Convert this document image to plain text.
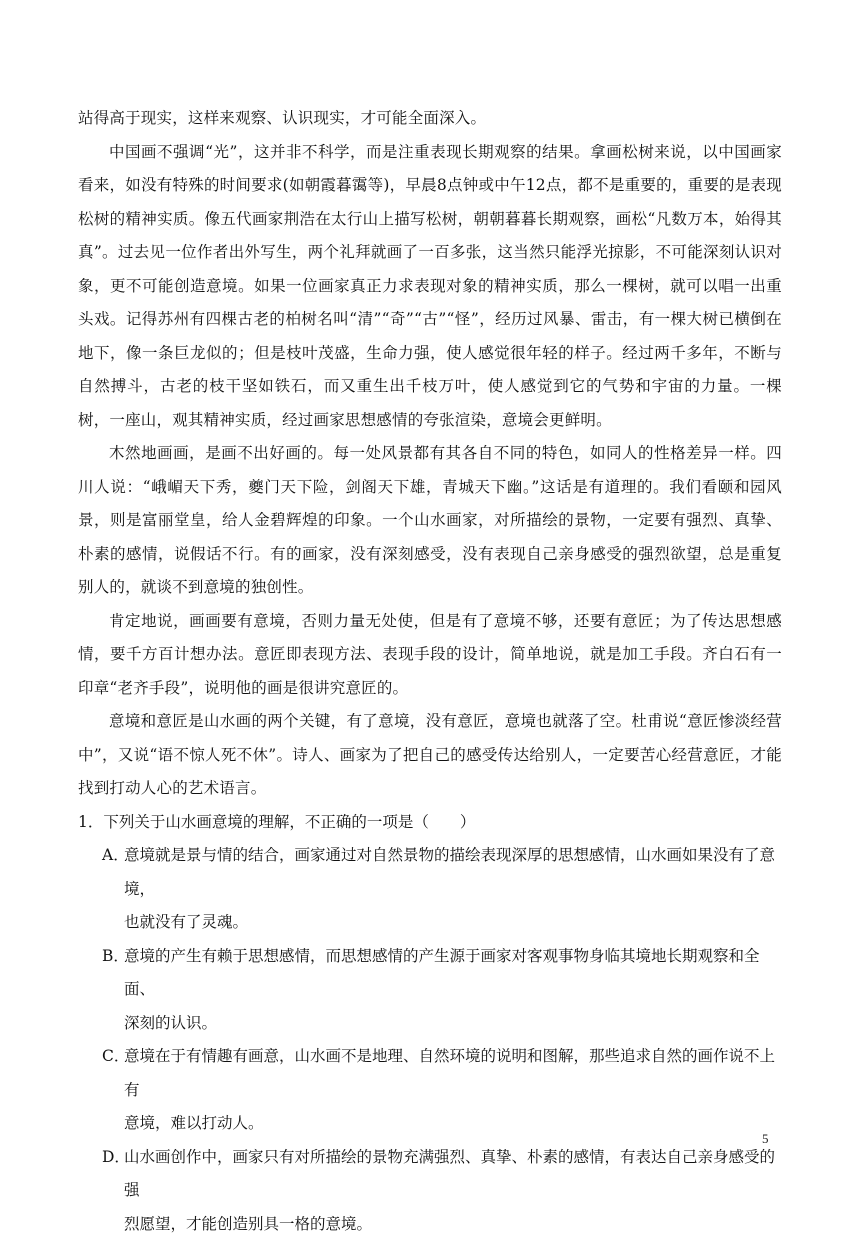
站得高于现实，这样来观察、认识现实，才可能全面深入。

中国画不强调“光”，这并非不科学，而是注重表现长期观察的结果。拿画松树来说，以中国画家看来，如没有特殊的时间要求(如朝霞暮霭等)，早晨8点钟或中午12点，都不是重要的，重要的是表现松树的精神实质。像五代画家荆浩在太行山上描写松树，朝朝暮暮长期观察，画松“凡数万本，始得其真”。过去见一位作者出外写生，两个礼拜就画了一百多张，这当然只能浮光掠影，不可能深刻认识对象，更不可能创造意境。如果一位画家真正力求表现对象的精神实质，那么一棵树，就可以唱一出重头戏。记得苏州有四棵古老的柏树名叫“清”“奇”“古”“怪”，经历过风暴、雷击，有一棵大树已横倒在地下，像一条巨龙似的；但是枝叶茂盛，生命力强，使人感觉很年轻的样子。经过两千多年，不断与自然搏斗，古老的枝干坚如铁石，而又重生出千枝万叶，使人感觉到它的气势和宇宙的力量。一棵树，一座山，观其精神实质，经过画家思想感情的夸张渲染，意境会更鲜明。

木然地画画，是画不出好画的。每一处风景都有其各自不同的特色，如同人的性格差异一样。四川人说：“峨嵋天下秀，夔门天下险，剑阁天下雄，青城天下幽。”这话是有道理的。我们看颐和园风景，则是富丽堂皇，给人金碧辉煌的印象。一个山水画家，对所描绘的景物，一定要有强烈、真挚、朴素的感情，说假话不行。有的画家，没有深刻感受，没有表现自己亲身感受的强烈欲望，总是重复别人的，就谈不到意境的独创性。

肯定地说，画画要有意境，否则力量无处使，但是有了意境不够，还要有意匠；为了传达思想感情，要千方百计想办法。意匠即表现方法、表现手段的设计，简单地说，就是加工手段。齐白石有一印章“老齐手段”，说明他的画是很讲究意匠的。

意境和意匠是山水画的两个关键，有了意境，没有意匠，意境也就落了空。杜甫说“意匠惨淡经营中”，又说“语不惊人死不休”。诗人、画家为了把自己的感受传达给别人，一定要苦心经营意匠，才能找到打动人心的艺术语言。

1．下列关于山水画意境的理解，不正确的一项是（　　）
A．
意境就是景与情的结合，画家通过对自然景物的描绘表现深厚的思想感情，山水画如果没有了意境，
也就没有了灵魂。
B．
意境的产生有赖于思想感情，而思想感情的产生源于画家对客观事物身临其境地长期观察和全面、
深刻的认识。
C．
意境在于有情趣有画意，山水画不是地理、自然环境的说明和图解，那些追求自然的画作说不上有
意境，难以打动人。
D．
山水画创作中，画家只有对所描绘的景物充满强烈、真挚、朴素的感情，有表达自己亲身感受的强
烈愿望，才能创造别具一格的意境。
5
